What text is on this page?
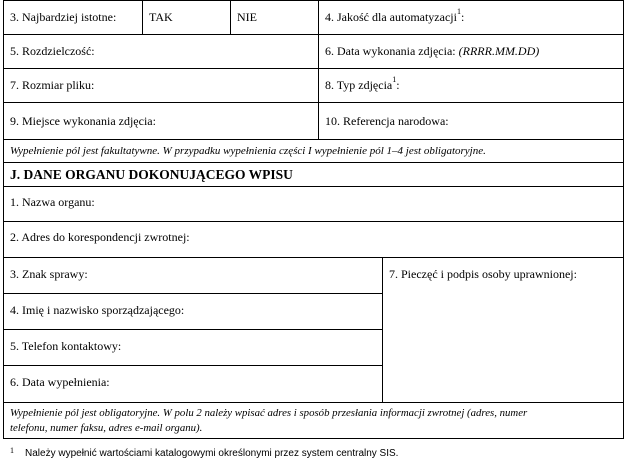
3. Najbardziej istotne:	TAK	NIE	4. Jakość dla automatyzacji$^1$:
5. Rozdzielczość:	6. Data wykonania zdjęcia: (RRRR.MM.DD)
7. Rozmiar pliku:	8. Typ zdjęcia$^1$:
9. Miejsce wykonania zdjęcia:	10. Referencja narodowa:
Wypełnienie pól jest fakultatywne. W przypadku wypełnienia części I wypełnienie pól 1–4 jest obligatoryjne.
J. DANE ORGANU DOKONUJĄCEGO WPISU
1. Nazwa organu:
2. Adres do korespondencji zwrotnej:
3. Znak sprawy:	7. Pieczęć i podpis osoby uprawnionej:
4. Imię i nazwisko sporządzającego:
5. Telefon kontaktowy:
6. Data wypełnienia:
Wypełnienie pól jest obligatoryjne. W polu 2 należy wpisać adres i sposób przesłania informacji zwrotnej (adres, numer
telefonu, numer faksu, adres e-mail organu).
1 Należy wypełnić wartościami katalogowymi określonymi przez system centralny SIS.
